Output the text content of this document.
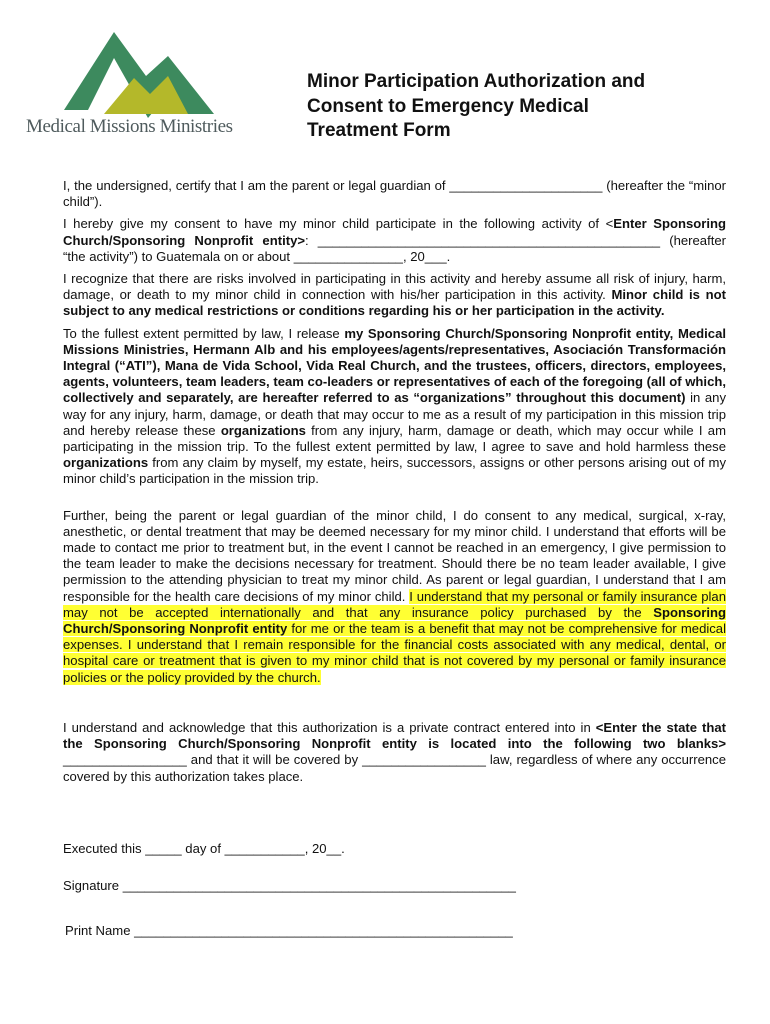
Medical Missions Ministries
Minor Participation Authorization and
Consent to Emergency Medical
Treatment Form

I, the undersigned, certify that I am the parent or legal guardian of _____________________ (hereafter the “minor child”).

I hereby give my consent to have my minor child participate in the following activity of <Enter Sponsoring Church/Sponsoring Nonprofit entity>: _______________________________________________ (hereafter “the activity”) to Guatemala on or about _______________, 20___.

I recognize that there are risks involved in participating in this activity and hereby assume all risk of injury, harm, damage, or death to my minor child in connection with his/her participation in this activity. Minor child is not subject to any medical restrictions or conditions regarding his or her participation in the activity.

To the fullest extent permitted by law, I release my Sponsoring Church/Sponsoring Nonprofit entity, Medical Missions Ministries, Hermann Alb and his employees/agents/representatives, Asociación Transformación Integral (“ATI”), Mana de Vida School, Vida Real Church, and the trustees, officers, directors, employees, agents, volunteers, team leaders, team co-leaders or representatives of each of the foregoing (all of which, collectively and separately, are hereafter referred to as “organizations” throughout this document) in any way for any injury, harm, damage, or death that may occur to me as a result of my participation in this mission trip and hereby release these organizations from any injury, harm, damage or death, which may occur while I am participating in the mission trip. To the fullest extent permitted by law, I agree to save and hold harmless these organizations from any claim by myself, my estate, heirs, successors, assigns or other persons arising out of my minor child’s participation in the mission trip.

Further, being the parent or legal guardian of the minor child, I do consent to any medical, surgical, x-ray, anesthetic, or dental treatment that may be deemed necessary for my minor child. I understand that efforts will be made to contact me prior to treatment but, in the event I cannot be reached in an emergency, I give permission to the team leader to make the decisions necessary for treatment. Should there be no team leader available, I give permission to the attending physician to treat my minor child. As parent or legal guardian, I understand that I am responsible for the health care decisions of my minor child. I understand that my personal or family insurance plan may not be accepted internationally and that any insurance policy purchased by the Sponsoring Church/Sponsoring Nonprofit entity for me or the team is a benefit that may not be comprehensive for medical expenses. I understand that I remain responsible for the financial costs associated with any medical, dental, or hospital care or treatment that is given to my minor child that is not covered by my personal or family insurance policies or the policy provided by the church.

I understand and acknowledge that this authorization is a private contract entered into in <Enter the state that the Sponsoring Church/Sponsoring Nonprofit entity is located into the following two blanks> _________________ and that it will be covered by _________________ law, regardless of where any occurrence covered by this authorization takes place.

Executed this _____ day of ___________, 20__.
Signature ______________________________________________________
Print Name ____________________________________________________
